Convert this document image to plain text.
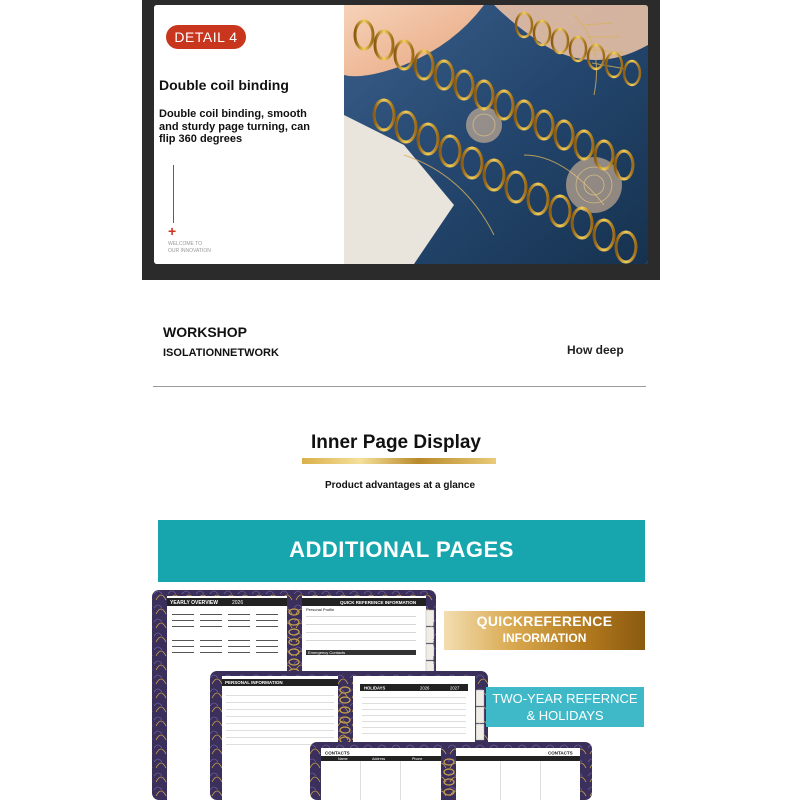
DETAIL 4
Double coil binding
Double coil binding, smooth and sturdy page turning, can flip 360 degrees
+
WELCOME TO
OUR INNOVATION
WORKSHOP
ISOLATIONNETWORK	How deep
Inner Page Display
Product advantages at a glance
ADDITIONAL PAGES
YEARLY OVERVIEW	2026	QUICK REFERENCE INFORMATION
Personal Profile
Emergency Contacts
JAN
FEB
MAR
PERSONAL INFORMATION
HOLIDAYS	2026	2027
CONTACTS	CONTACTS
Name	Address	Phone
QUICKREFERENCE
INFORMATION
TWO-YEAR REFERNCE
& HOLIDAYS
